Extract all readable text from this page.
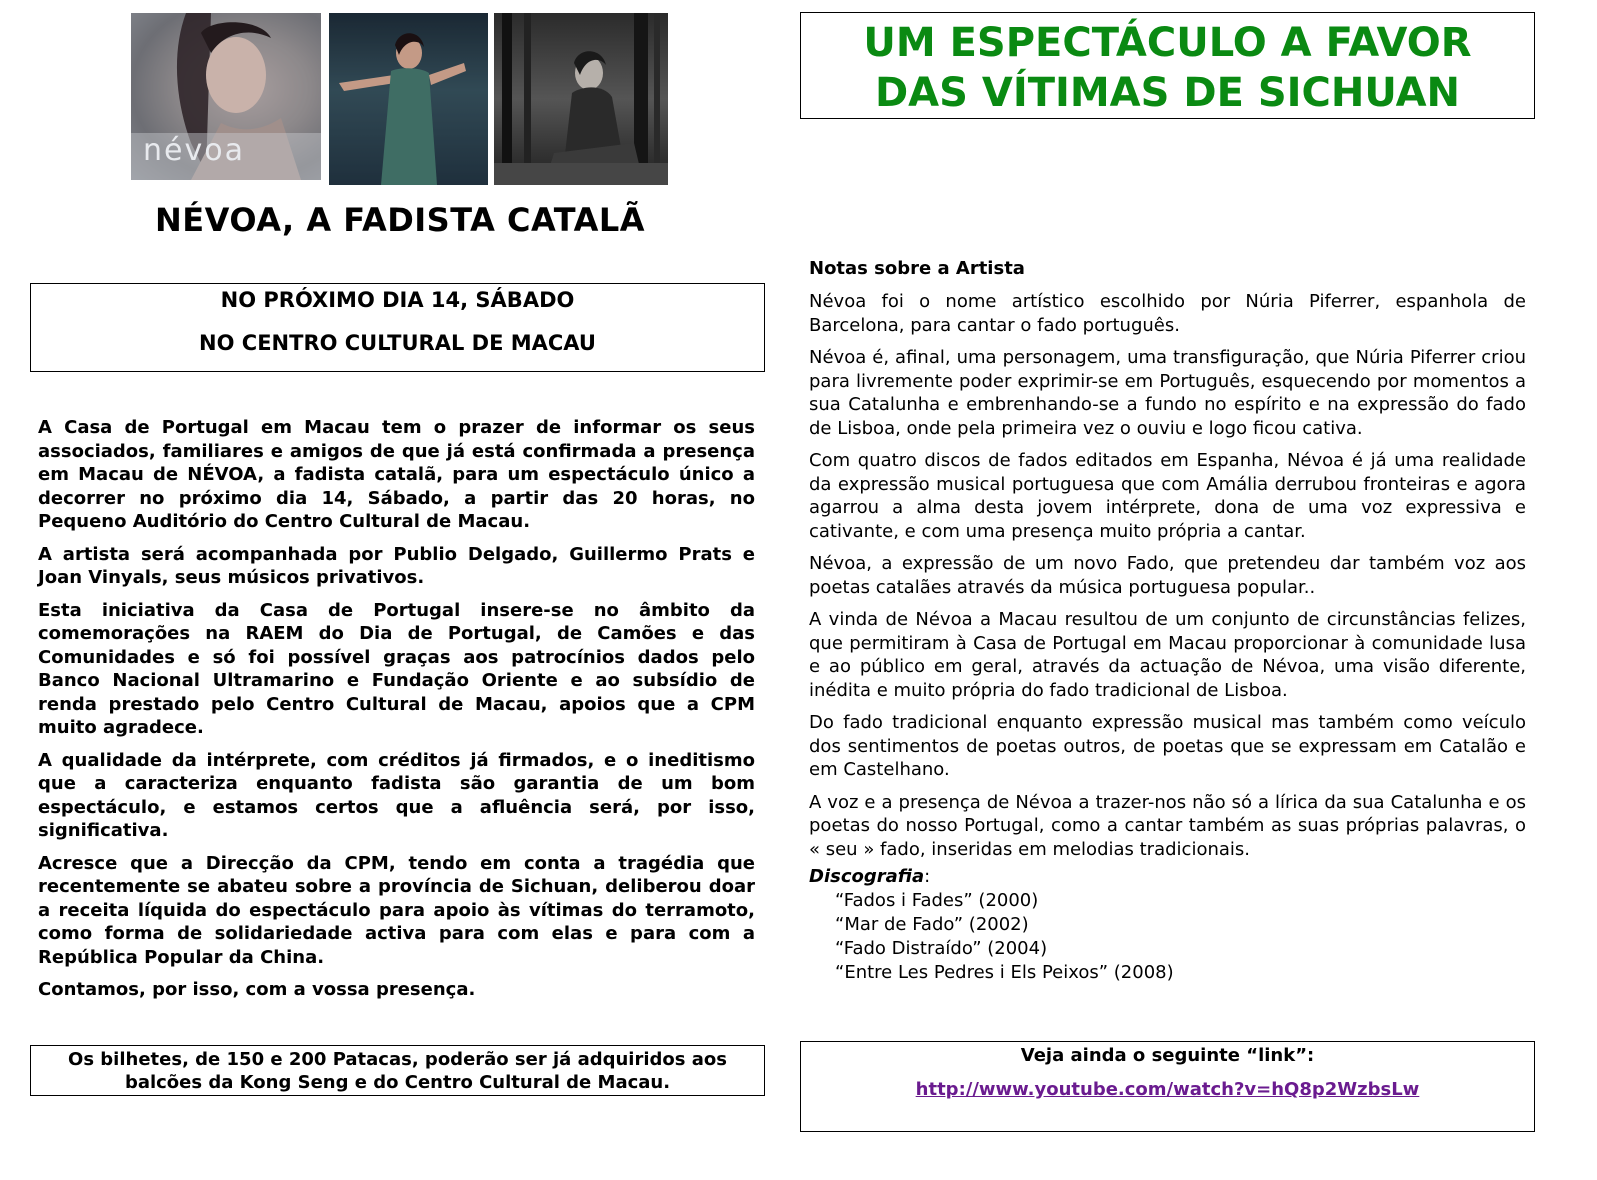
névoa
NÉVOA, A FADISTA CATALÃ
NO PRÓXIMO DIA 14, SÁBADO
NO CENTRO CULTURAL DE MACAU

A Casa de Portugal em Macau tem o prazer de informar os seus associados, familiares e amigos de que já está confirmada a presença em Macau de NÉVOA, a fadista catalã, para um espectáculo único a decorrer no próximo dia 14, Sábado, a partir das 20 horas, no Pequeno Auditório do Centro Cultural de Macau.

A artista será acompanhada por Publio Delgado, Guillermo Prats e Joan Vinyals, seus músicos privativos.

Esta iniciativa da Casa de Portugal insere-se no âmbito da comemorações na RAEM do Dia de Portugal, de Camões e das Comunidades e só foi possível graças aos patrocínios dados pelo Banco Nacional Ultramarino e Fundação Oriente e ao subsídio de renda prestado pelo Centro Cultural de Macau, apoios que a CPM muito agradece.

A qualidade da intérprete, com créditos já firmados, e o ineditismo que a caracteriza enquanto fadista são garantia de um bom espectáculo, e estamos certos que a afluência será, por isso, significativa.

Acresce que a Direcção da CPM, tendo em conta a tragédia que recentemente se abateu sobre a província de Sichuan, deliberou doar a receita líquida do espectáculo para apoio às vítimas do terramoto, como forma de solidariedade activa para com elas e para com a República Popular da China.

Contamos, por isso, com a vossa presença.

Os bilhetes, de 150 e 200 Patacas, poderão ser já adquiridos aos balcões da Kong Seng e do Centro Cultural de Macau.
UM ESPECTÁCULO A FAVOR
DAS VÍTIMAS DE SICHUAN
Notas sobre a Artista

Névoa foi o nome artístico escolhido por Núria Piferrer, espanhola de Barcelona, para cantar o fado português.

Névoa é, afinal, uma personagem, uma transfiguração, que Núria Piferrer criou para livremente poder exprimir-se em Português, esquecendo por momentos a sua Catalunha e embrenhando-se a fundo no espírito e na expressão do fado de Lisboa, onde pela primeira vez o ouviu e logo ficou cativa.

Com quatro discos de fados editados em Espanha, Névoa é já uma realidade da expressão musical portuguesa que com Amália derrubou fronteiras e agora agarrou a alma desta jovem intérprete, dona de uma voz expressiva e cativante, e com uma presença muito própria a cantar.

Névoa, a expressão de um novo Fado, que pretendeu dar também voz aos poetas catalães através da música portuguesa popular..

A vinda de Névoa a Macau resultou de um conjunto de circunstâncias felizes, que permitiram à Casa de Portugal em Macau proporcionar à comunidade lusa e ao público em geral, através da actuação de Névoa, uma visão diferente, inédita e muito própria do fado tradicional de Lisboa.

Do fado tradicional enquanto expressão musical mas também como veículo dos sentimentos de poetas outros, de poetas que se expressam em Catalão e em Castelhano.

A voz e a presença de Névoa a trazer-nos não só a lírica da sua Catalunha e os poetas do nosso Portugal, como a cantar também as suas próprias palavras, o « seu » fado, inseridas em melodias tradicionais.

Discografia:
“Fados i Fades” (2000)
“Mar de Fado” (2002)
“Fado Distraído” (2004)
“Entre Les Pedres i Els Peixos” (2008)
Veja ainda o seguinte “link”:
http://www.youtube.com/watch?v=hQ8p2WzbsLw
